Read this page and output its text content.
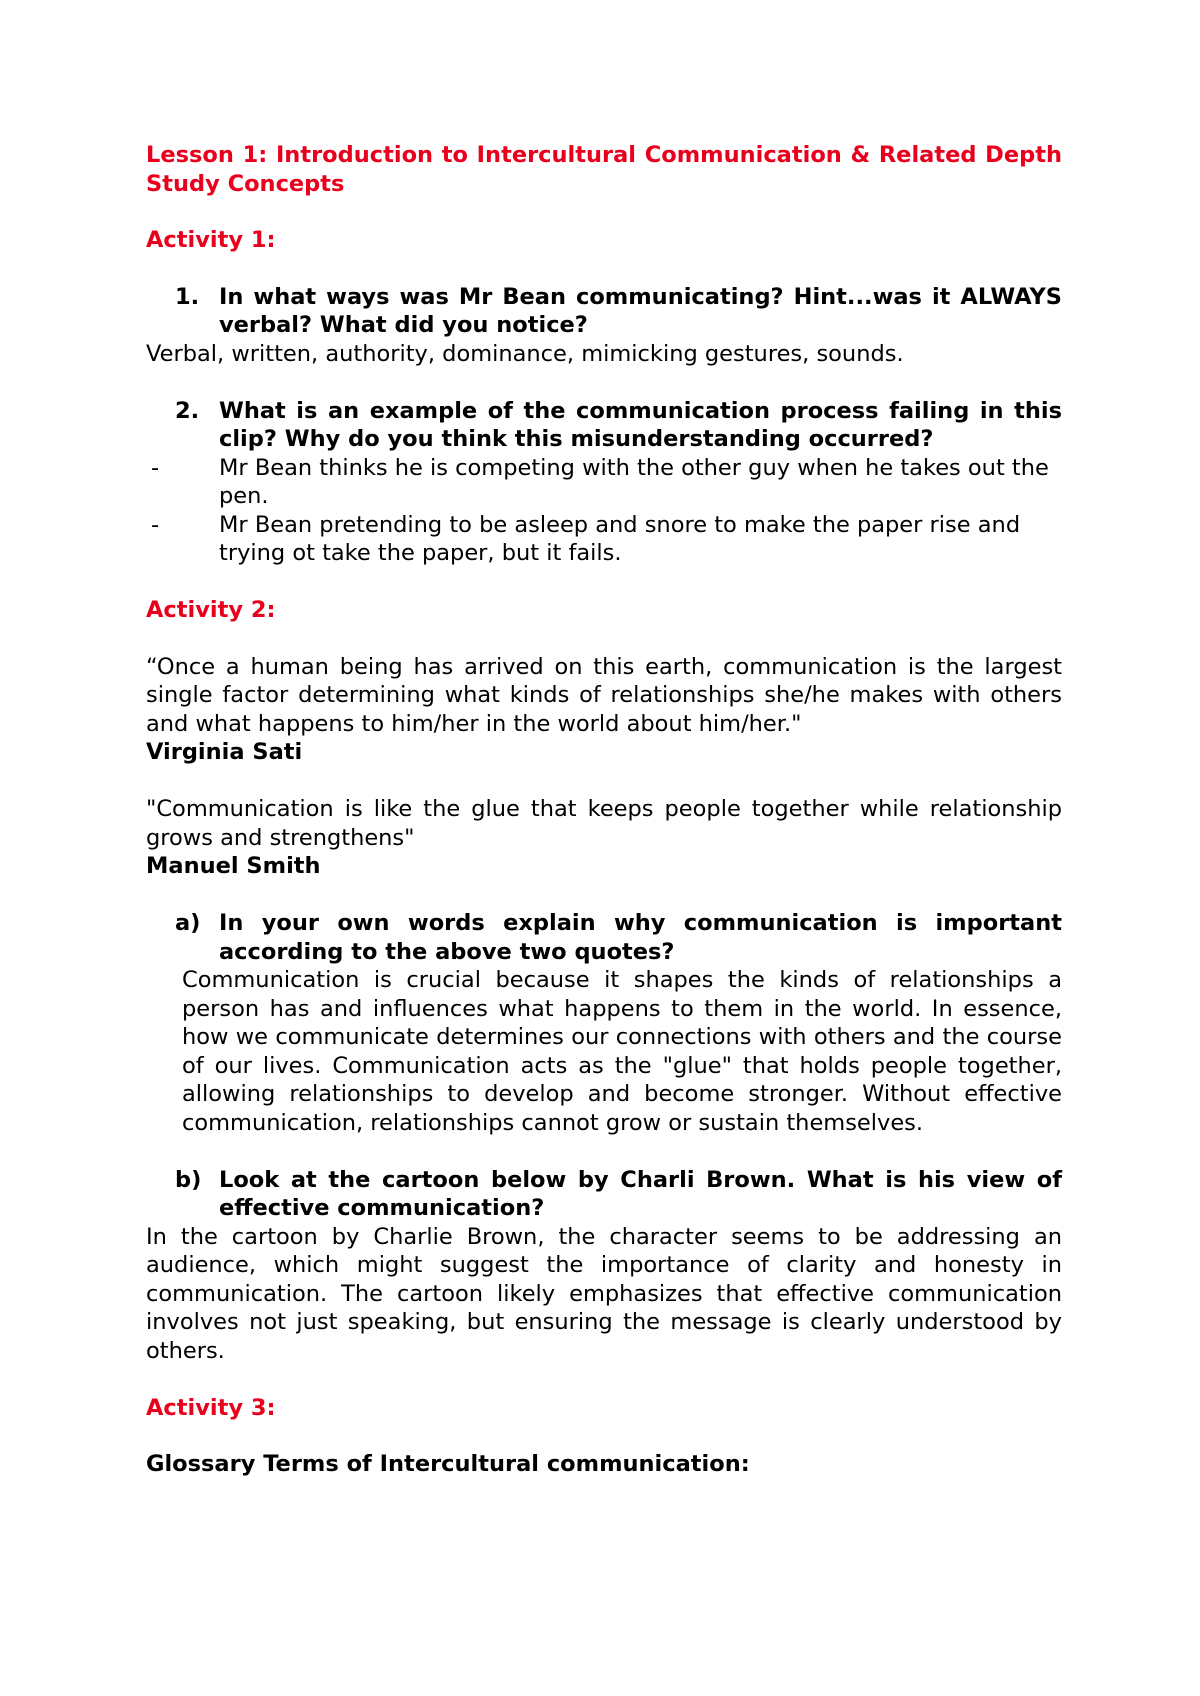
Lesson 1: Introduction to Intercultural Communication & Related Depth Study Concepts

Activity 1:

1. In what ways was Mr Bean communicating? Hint...was it ALWAYS verbal? What did you notice?

Verbal, written, authority, dominance, mimicking gestures, sounds.

2. What is an example of the communication process failing in this clip? Why do you think this misunderstanding occurred?
-	Mr Bean thinks he is competing with the other guy when he takes out the pen.
-	Mr Bean pretending to be asleep and snore to make the paper rise and trying ot take the paper, but it fails.

Activity 2:

“Once a human being has arrived on this earth, communication is the largest single factor determining what kinds of relationships she/he makes with others and what happens to him/her in the world about him/her."

Virginia Sati

"Communication is like the glue that keeps people together while relationship grows and strengthens"

Manuel Smith

a) In your own words explain why communication is important according to the above two quotes?

Communication is crucial because it shapes the kinds of relationships a person has and influences what happens to them in the world. In essence, how we communicate determines our connections with others and the course of our lives. Communication acts as the "glue" that holds people together, allowing relationships to develop and become stronger. Without effective communication, relationships cannot grow or sustain themselves.

b) Look at the cartoon below by Charli Brown. What is his view of effective communication?

In the cartoon by Charlie Brown, the character seems to be addressing an audience, which might suggest the importance of clarity and honesty in communication. The cartoon likely emphasizes that effective communication involves not just speaking, but ensuring the message is clearly understood by others.

Activity 3:

Glossary Terms of Intercultural communication:
